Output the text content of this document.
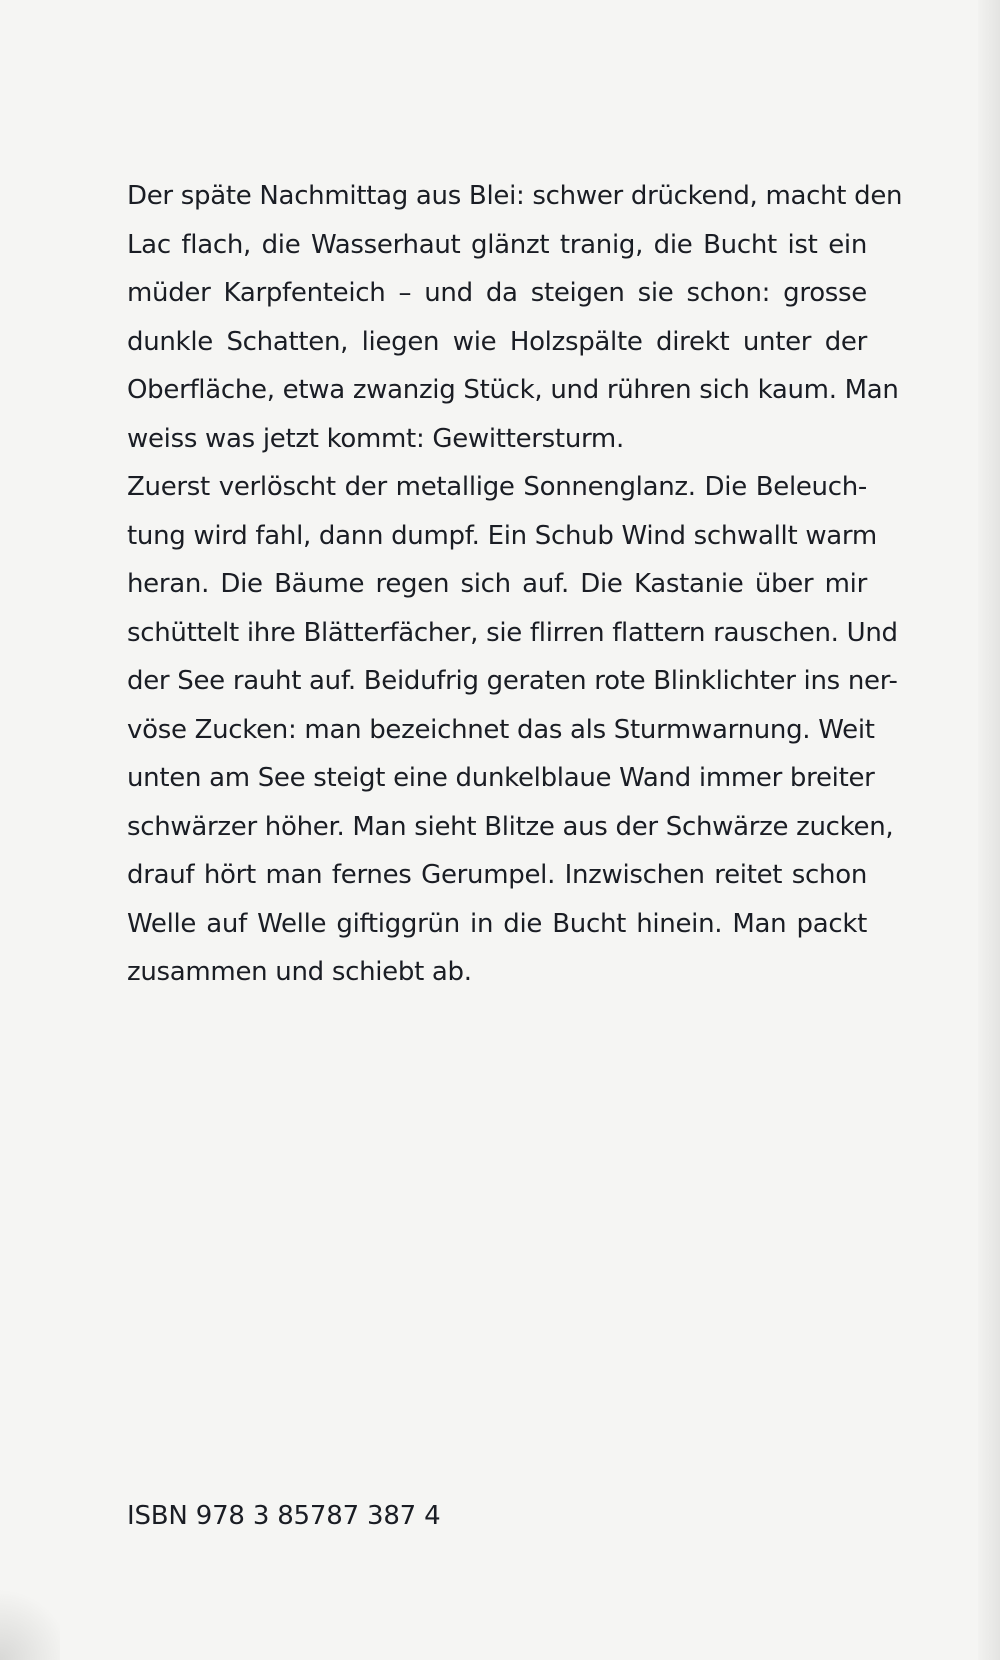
Der späte Nachmittag aus Blei: schwer drückend, macht den
Lac flach, die Wasserhaut glänzt tranig, die Bucht ist ein
müder Karpfenteich – und da steigen sie schon: grosse
dunkle Schatten, liegen wie Holzspälte direkt unter der
Oberfläche, etwa zwanzig Stück, und rühren sich kaum. Man
weiss was jetzt kommt: Gewittersturm.
Zuerst verlöscht der metallige Sonnenglanz. Die Beleuch-
tung wird fahl, dann dumpf. Ein Schub Wind schwallt warm
heran. Die Bäume regen sich auf. Die Kastanie über mir
schüttelt ihre Blätterfächer, sie flirren flattern rauschen. Und
der See rauht auf. Beidufrig geraten rote Blinklichter ins ner-
vöse Zucken: man bezeichnet das als Sturmwarnung. Weit
unten am See steigt eine dunkelblaue Wand immer breiter
schwärzer höher. Man sieht Blitze aus der Schwärze zucken,
drauf hört man fernes Gerumpel. Inzwischen reitet schon
Welle auf Welle giftiggrün in die Bucht hinein. Man packt
zusammen und schiebt ab.
ISBN 978 3 85787 387 4
